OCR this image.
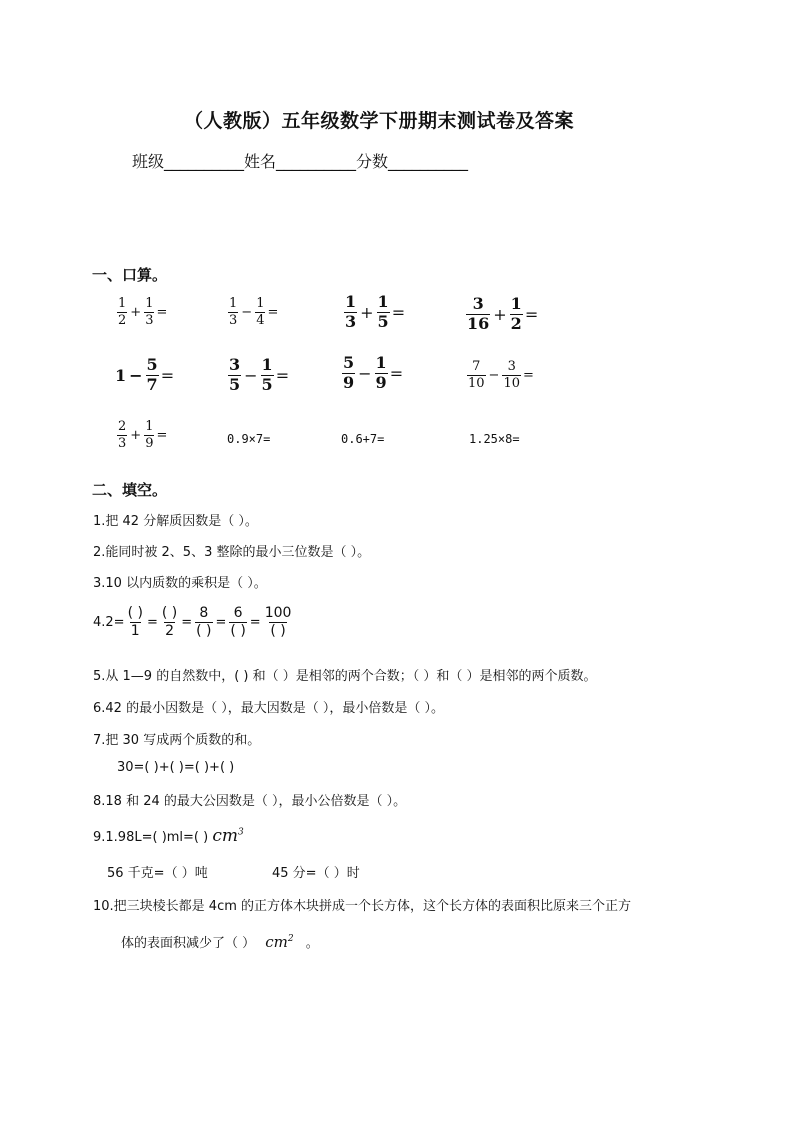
（人教版）五年级数学下册期末测试卷及答案
班级__________姓名__________分数__________
一、口算。
$\frac{1}{2} + \frac{1}{3}$ =	$\frac{1}{3} - \frac{1}{4}$ =	$\frac{1}{3} + \frac{1}{5}$ =	$\frac{3}{16} + \frac{1}{2}$ =
$1 - \frac{5}{7}$ =	$\frac{3}{5} - \frac{1}{5}$ =	$\frac{5}{9} - \frac{1}{9}$ =	$\frac{7}{10} - \frac{3}{10}$ =
$\frac{2}{3} + \frac{1}{9}$ =	0.9×7=	0.6+7=	1.25×8=
二、填空。
1.把 42 分解质因数是（ ）。
2.能同时被 2、5、3 整除的最小三位数是（ ）。
3.10 以内质数的乘积是（ ）。
$4.2= \frac{( )}{1} = \frac{( )}{2} = \frac{8}{( )} = \frac{6}{( )} = \frac{100}{( )}$
5.从 1—9 的自然数中，( ) 和（ ）是相邻的两个合数；（ ）和（ ）是相邻的两个质数。
6.42 的最小因数是（ ），最大因数是（ ），最小倍数是（ ）。
7.把 30 写成两个质数的和。
30=( )+( )=( )+( )
8.18 和 24 的最大公因数是（ ），最小公倍数是（ ）。
9.1.98L=( )ml=( ) $cm^3$
56 千克=（ ）吨	45 分=（ ）时
10.把三块棱长都是 4cm 的正方体木块拼成一个长方体，这个长方体的表面积比原来三个正方
体的表面积减少了（ ） $cm^2$ 。
